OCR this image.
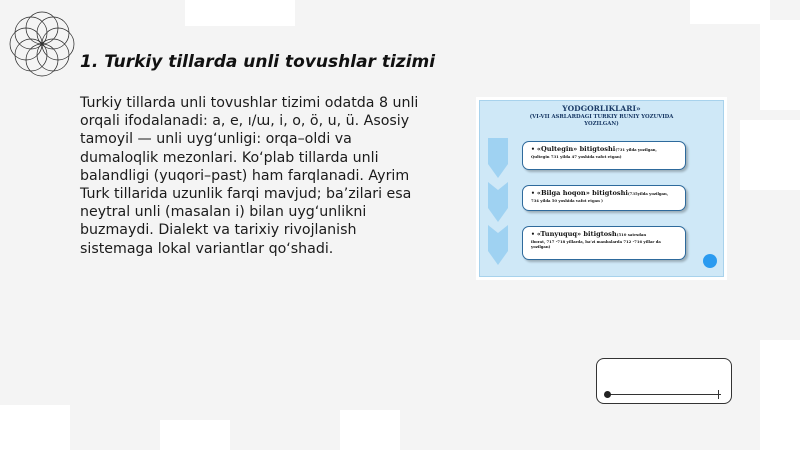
1. Turkiy tillarda unli tovushlar tizimi
Turkiy tillarda unli tovushlar tizimi odatda 8 unli orqali ifodalanadi: a, e, ı/ɯ, i, o, ö, u, ü. Asosiy tamoyil — unli uyg‘unligi: orqa–oldi va dumaloqlik mezonlari. Ko‘plab tillarda unli balandligi (yuqori–past) ham farqlanadi. Ayrim Turk tillarida uzunlik farqi mavjud; ba’zilari esa neytral unli (masalan i) bilan uyg‘unlikni buzmaydi. Dialekt va tarixiy rivojlanish sistemaga lokal variantlar qo‘shadi.
YODGORLIKLARI»
(VI-VII ASRLARDAGI TURKIY RUNIY YOZUVIDA
YOZILGAN)
• «Qultegin» bitigtoshi(731 yilda yozilgan,
Qultegin 731 yilda 47 yoshida vafot etgan)
• «Bilga hoqon» bitigtoshi(735yilda yozilgan,
734 yilda 50 yoshida vafot etgan )
• «Tunyuquq» bitigtosh(510 satrsdan
iborat, 717 -718 yillarda, ba’zi manbalarda 712 -716 yillar da yozilgan)
